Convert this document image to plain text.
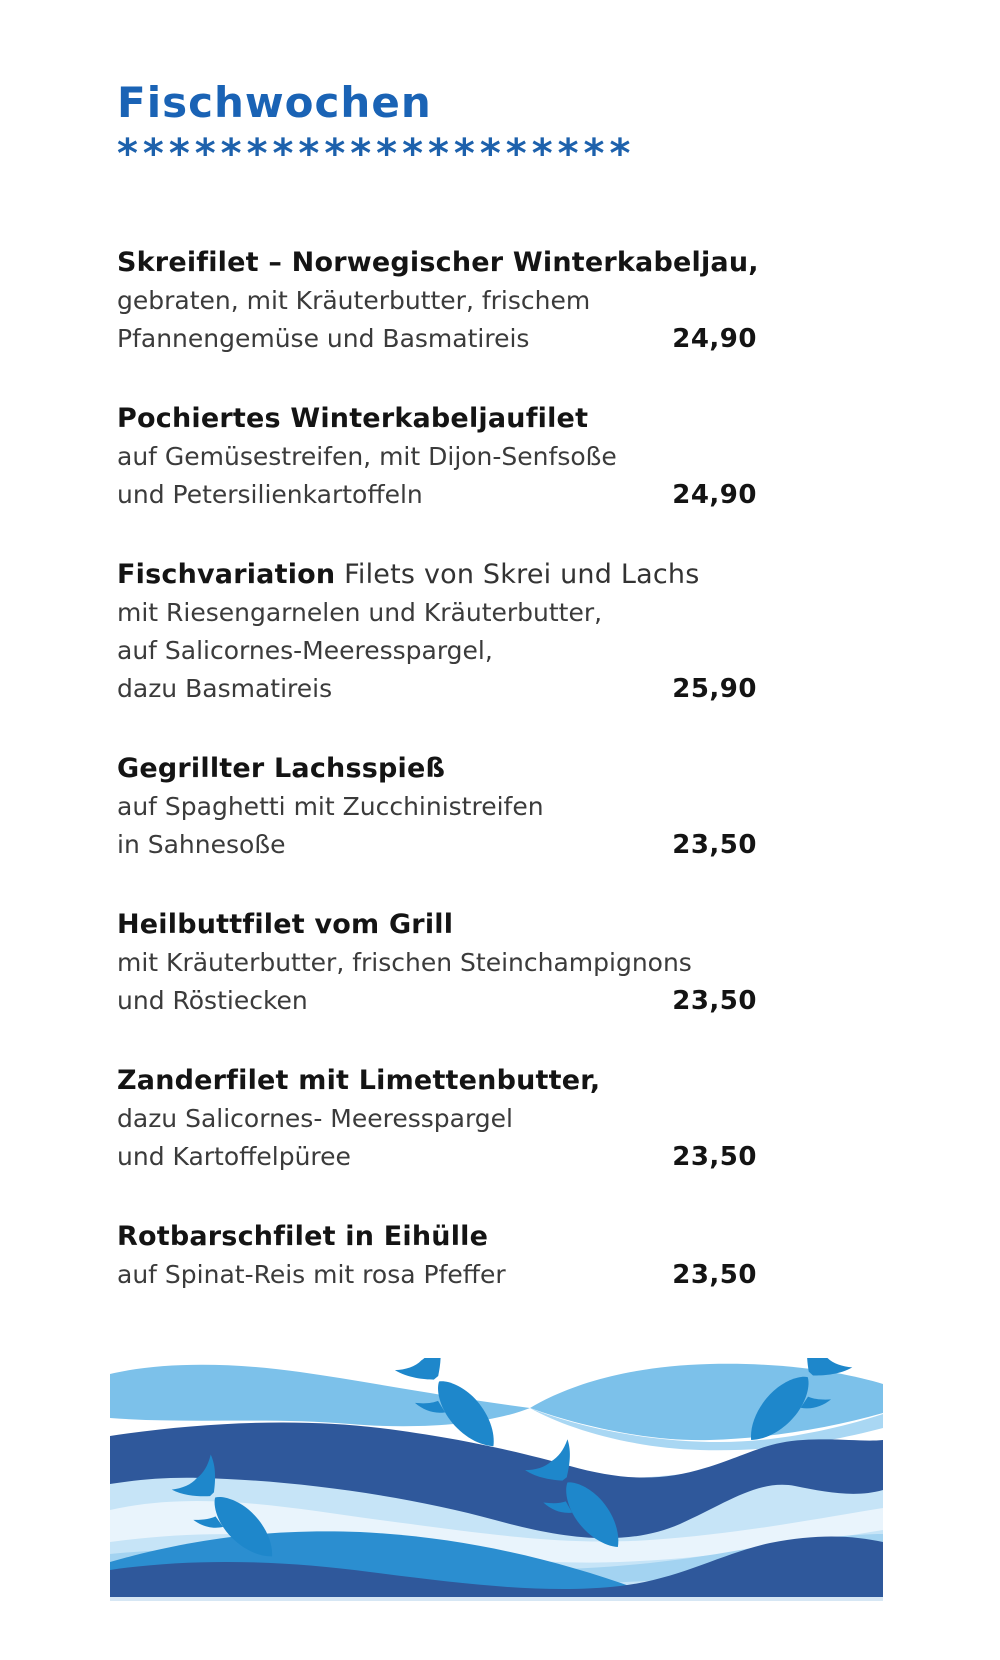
Fischwochen
********************
Skreifilet – Norwegischer Winterkabeljau,
gebraten, mit Kräuterbutter, frischem
Pfannengemüse und Basmatireis	24,90
Pochiertes Winterkabeljaufilet
auf Gemüsestreifen, mit Dijon-Senfsoße
und Petersilienkartoffeln	24,90
Fischvariation Filets von Skrei und Lachs
mit Riesengarnelen und Kräuterbutter,
auf Salicornes-Meeresspargel,
dazu Basmatireis	25,90
Gegrillter Lachsspieß
auf Spaghetti mit Zucchinistreifen
in Sahnesoße	23,50
Heilbuttfilet vom Grill
mit Kräuterbutter, frischen Steinchampignons
und Röstiecken	23,50
Zanderfilet mit Limettenbutter,
dazu Salicornes- Meeresspargel
und Kartoffelpüree	23,50
Rotbarschfilet in Eihülle
auf Spinat-Reis mit rosa Pfeffer	23,50
